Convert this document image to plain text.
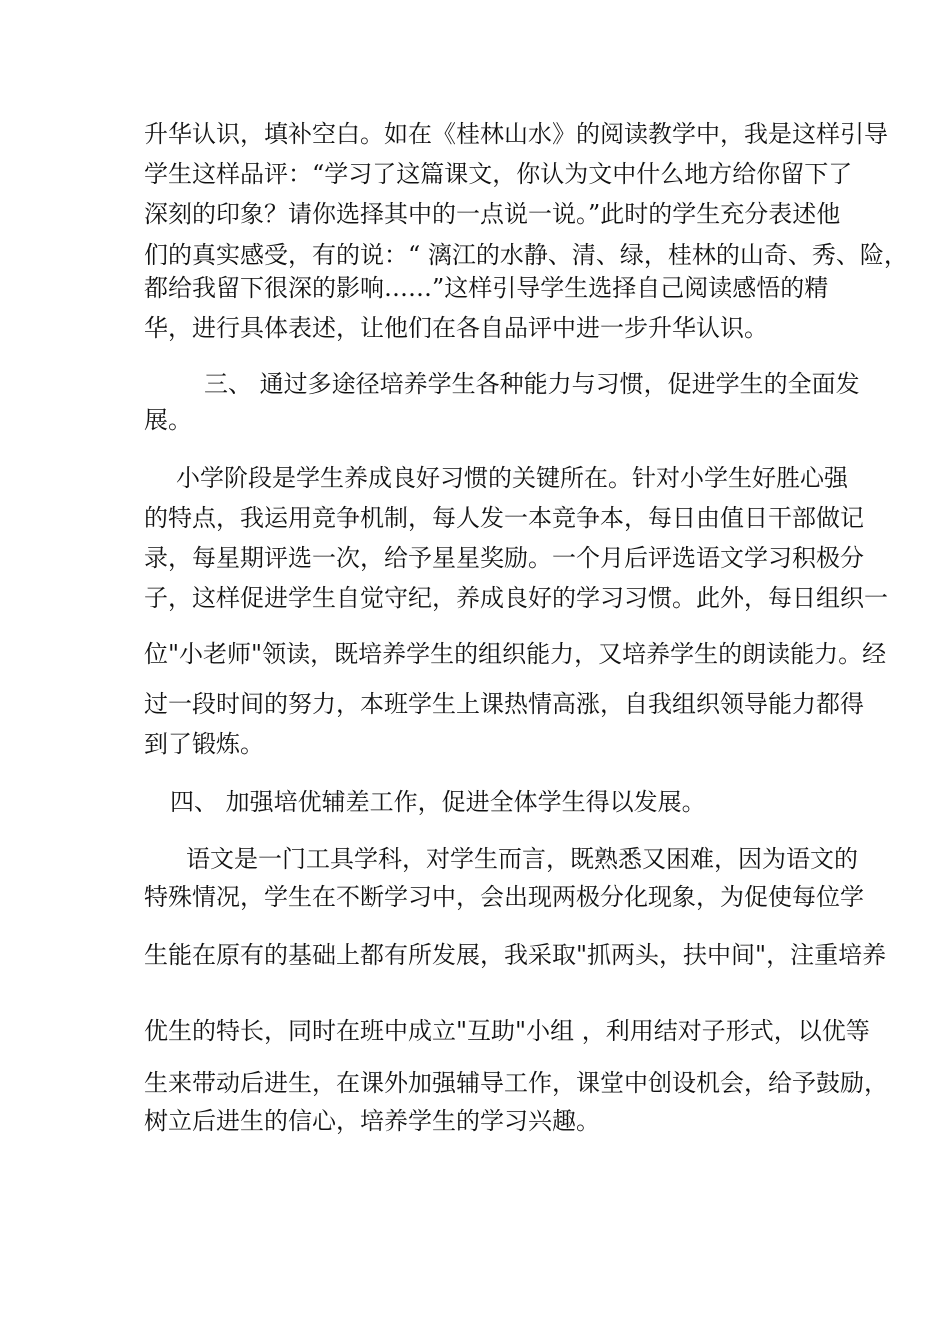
升华认识，填补空白。如在《桂林山水》的阅读教学中，我是这样引导
学生这样品评：“学习了这篇课文，你认为文中什么地方给你留下了
深刻的印象？请你选择其中的一点说一说。”此时的学生充分表述他
们的真实感受，有的说：“ 漓江的水静、清、绿，桂林的山奇、秀、险，
都给我留下很深的影响……”这样引导学生选择自己阅读感悟的精
华，进行具体表述，让他们在各自品评中进一步升华认识。
三、 通过多途径培养学生各种能力与习惯，促进学生的全面发
展。
小学阶段是学生养成良好习惯的关键所在。针对小学生好胜心强
的特点，我运用竞争机制，每人发一本竞争本，每日由值日干部做记
录，每星期评选一次，给予星星奖励。一个月后评选语文学习积极分
子，这样促进学生自觉守纪，养成良好的学习习惯。此外，每日组织一
位"小老师"领读，既培养学生的组织能力，又培养学生的朗读能力。经
过一段时间的努力，本班学生上课热情高涨，自我组织领导能力都得
到了锻炼。
四、 加强培优辅差工作，促进全体学生得以发展。
语文是一门工具学科，对学生而言，既熟悉又困难，因为语文的
特殊情况，学生在不断学习中，会出现两极分化现象，为促使每位学
生能在原有的基础上都有所发展，我采取"抓两头，扶中间"，注重培养
优生的特长，同时在班中成立"互助"小组 ，利用结对子形式，以优等
生来带动后进生，在课外加强辅导工作，课堂中创设机会，给予鼓励，
树立后进生的信心，培养学生的学习兴趣。
